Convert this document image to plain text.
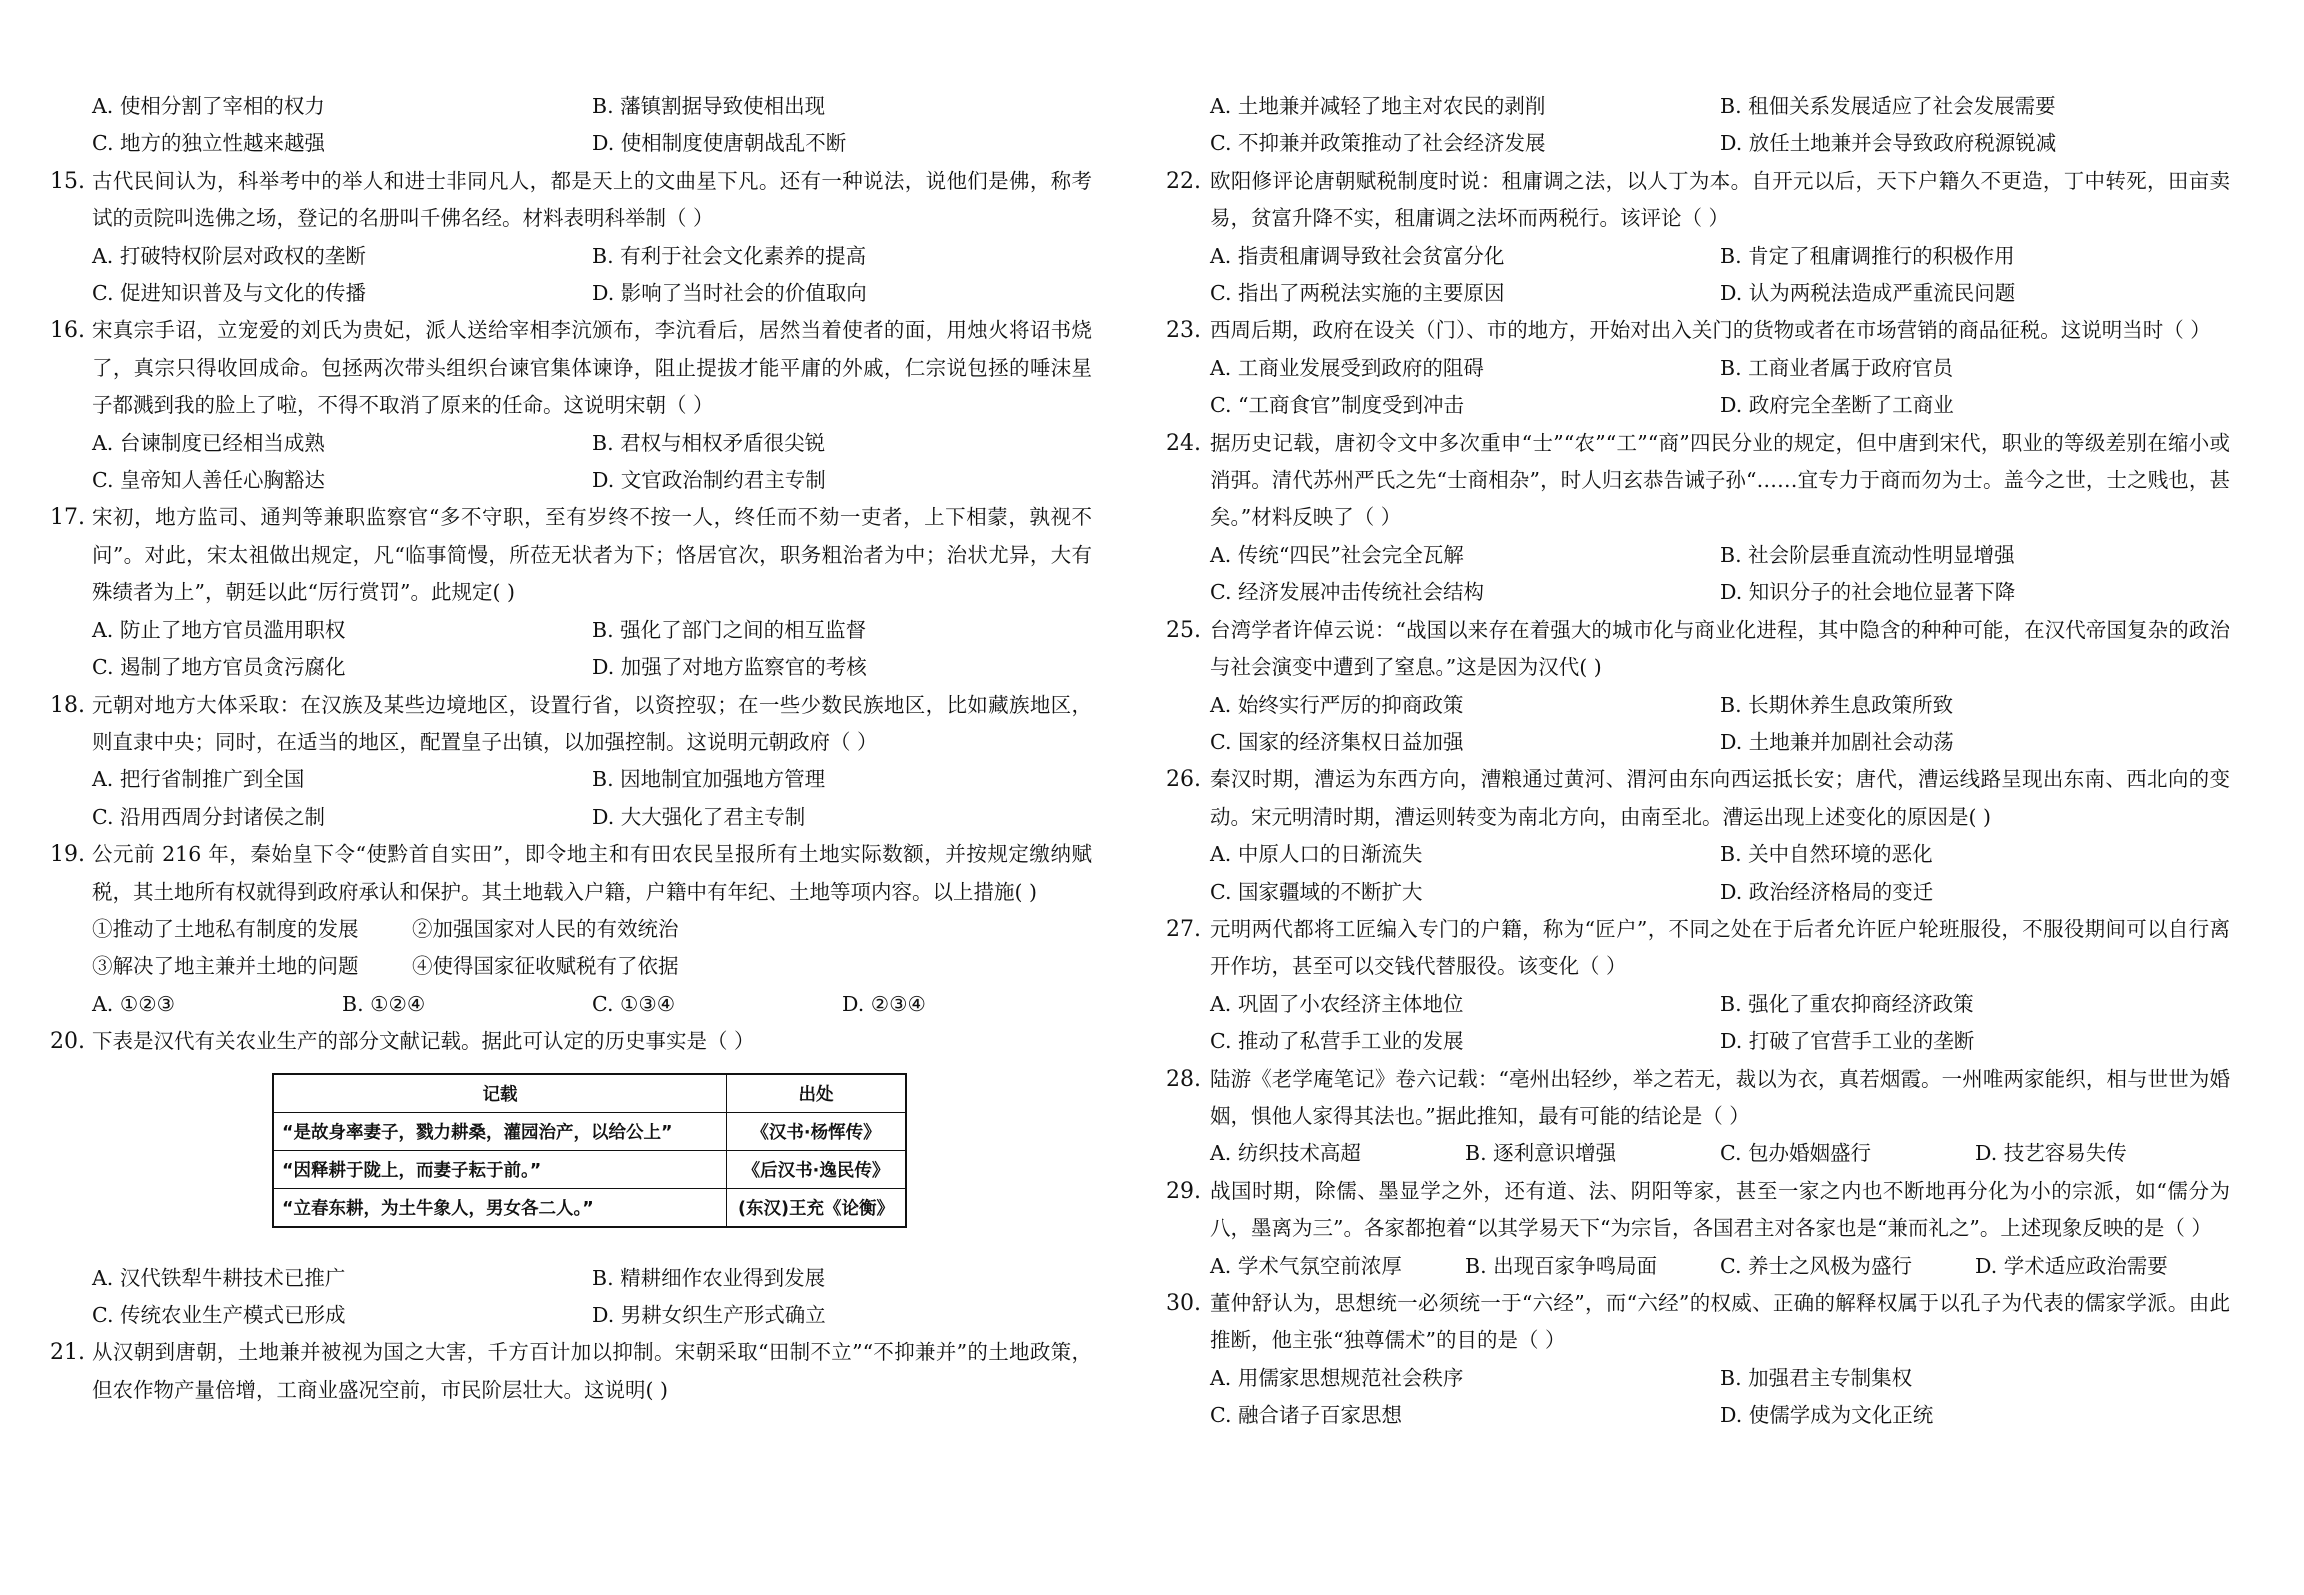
A. 使相分割了宰相的权力	B. 藩镇割据导致使相出现
C. 地方的独立性越来越强	D. 使相制度使唐朝战乱不断
15. 古代民间认为，科举考中的举人和进士非同凡人，都是天上的文曲星下凡。还有一种说法，说他们是佛，称考试的贡院叫选佛之场，登记的名册叫千佛名经。材料表明科举制（ ）
A. 打破特权阶层对政权的垄断	B. 有利于社会文化素养的提高
C. 促进知识普及与文化的传播	D. 影响了当时社会的价值取向
16. 宋真宗手诏，立宠爱的刘氏为贵妃，派人送给宰相李沆颁布，李沆看后，居然当着使者的面，用烛火将诏书烧了，真宗只得收回成命。包拯两次带头组织台谏官集体谏诤，阻止提拔才能平庸的外戚，仁宗说包拯的唾沫星子都溅到我的脸上了啦，不得不取消了原来的任命。这说明宋朝（ ）
A. 台谏制度已经相当成熟	B. 君权与相权矛盾很尖锐
C. 皇帝知人善任心胸豁达	D. 文官政治制约君主专制
17. 宋初，地方监司、通判等兼职监察官“多不守职，至有岁终不按一人，终任而不劾一吏者，上下相蒙，孰视不问”。对此，宋太祖做出规定，凡“临事简慢，所莅无状者为下；恪居官次，职务粗治者为中；治状尤异，大有殊绩者为上”，朝廷以此“厉行赏罚”。此规定( )
A. 防止了地方官员滥用职权	B. 强化了部门之间的相互监督
C. 遏制了地方官员贪污腐化	D. 加强了对地方监察官的考核
18. 元朝对地方大体采取：在汉族及某些边境地区，设置行省，以资控驭；在一些少数民族地区，比如藏族地区，则直隶中央；同时，在适当的地区，配置皇子出镇，以加强控制。这说明元朝政府（ ）
A. 把行省制推广到全国	B. 因地制宜加强地方管理
C. 沿用西周分封诸侯之制	D. 大大强化了君主专制
19. 公元前 216 年，秦始皇下令“使黔首自实田”，即令地主和有田农民呈报所有土地实际数额，并按规定缴纳赋税，其土地所有权就得到政府承认和保护。其土地载入户籍，户籍中有年纪、土地等项内容。以上措施( )
①推动了土地私有制度的发展	②加强国家对人民的有效统治
③解决了地主兼并土地的问题	④使得国家征收赋税有了依据
A. ①②③	B. ①②④	C. ①③④	D. ②③④
20. 下表是汉代有关农业生产的部分文献记载。据此可认定的历史事实是（ ）
记载	出处
“是故身率妻子，戮力耕桑，灌园治产，以给公上”	《汉书·杨恽传》
“因释耕于陇上，而妻子耘于前。”	《后汉书·逸民传》
“立春东耕，为土牛象人，男女各二人。”	(东汉)王充《论衡》
A. 汉代铁犁牛耕技术已推广	B. 精耕细作农业得到发展
C. 传统农业生产模式已形成	D. 男耕女织生产形式确立
21. 从汉朝到唐朝，土地兼并被视为国之大害，千方百计加以抑制。宋朝采取“田制不立”“不抑兼并”的土地政策，但农作物产量倍增，工商业盛况空前，市民阶层壮大。这说明( )
A. 土地兼并减轻了地主对农民的剥削	B. 租佃关系发展适应了社会发展需要
C. 不抑兼并政策推动了社会经济发展	D. 放任土地兼并会导致政府税源锐减
22. 欧阳修评论唐朝赋税制度时说：租庸调之法，以人丁为本。自开元以后，天下户籍久不更造，丁中转死，田亩卖易，贫富升降不实，租庸调之法坏而两税行。该评论（ ）
A. 指责租庸调导致社会贫富分化	B. 肯定了租庸调推行的积极作用
C. 指出了两税法实施的主要原因	D. 认为两税法造成严重流民问题
23. 西周后期，政府在设关（门）、市的地方，开始对出入关门的货物或者在市场营销的商品征税。这说明当时（ ）
A. 工商业发展受到政府的阻碍	B. 工商业者属于政府官员
C. “工商食官”制度受到冲击	D. 政府完全垄断了工商业
24. 据历史记载，唐初令文中多次重申“士”“农”“工”“商”四民分业的规定，但中唐到宋代，职业的等级差别在缩小或消弭。清代苏州严氏之先“士商相杂”，时人归玄恭告诫子孙“……宜专力于商而勿为士。盖今之世，士之贱也，甚矣。”材料反映了（ ）
A. 传统“四民”社会完全瓦解	B. 社会阶层垂直流动性明显增强
C. 经济发展冲击传统社会结构	D. 知识分子的社会地位显著下降
25. 台湾学者许倬云说：“战国以来存在着强大的城市化与商业化进程，其中隐含的种种可能，在汉代帝国复杂的政治与社会演变中遭到了窒息。”这是因为汉代( )
A. 始终实行严厉的抑商政策	B. 长期休养生息政策所致
C. 国家的经济集权日益加强	D. 土地兼并加剧社会动荡
26. 秦汉时期，漕运为东西方向，漕粮通过黄河、渭河由东向西运抵长安；唐代，漕运线路呈现出东南、西北向的变动。宋元明清时期，漕运则转变为南北方向，由南至北。漕运出现上述变化的原因是( )
A. 中原人口的日渐流失	B. 关中自然环境的恶化
C. 国家疆域的不断扩大	D. 政治经济格局的变迁
27. 元明两代都将工匠编入专门的户籍，称为“匠户”，不同之处在于后者允许匠户轮班服役，不服役期间可以自行离开作坊，甚至可以交钱代替服役。该变化（ ）
A. 巩固了小农经济主体地位	B. 强化了重农抑商经济政策
C. 推动了私营手工业的发展	D. 打破了官营手工业的垄断
28. 陆游《老学庵笔记》卷六记载：“亳州出轻纱，举之若无，裁以为衣，真若烟霞。一州唯两家能织，相与世世为婚姻，惧他人家得其法也。”据此推知，最有可能的结论是（ ）
A. 纺织技术高超	B. 逐利意识增强	C. 包办婚姻盛行	D. 技艺容易失传
29. 战国时期，除儒、墨显学之外，还有道、法、阴阳等家，甚至一家之内也不断地再分化为小的宗派，如“儒分为八，墨离为三”。各家都抱着“以其学易天下“为宗旨，各国君主对各家也是“兼而礼之”。上述现象反映的是（ ）
A. 学术气氛空前浓厚	B. 出现百家争鸣局面	C. 养士之风极为盛行	D. 学术适应政治需要
30. 董仲舒认为，思想统一必须统一于“六经”，而“六经”的权威、正确的解释权属于以孔子为代表的儒家学派。由此推断，他主张“独尊儒术”的目的是（ ）
A. 用儒家思想规范社会秩序	B. 加强君主专制集权
C. 融合诸子百家思想	D. 使儒学成为文化正统
